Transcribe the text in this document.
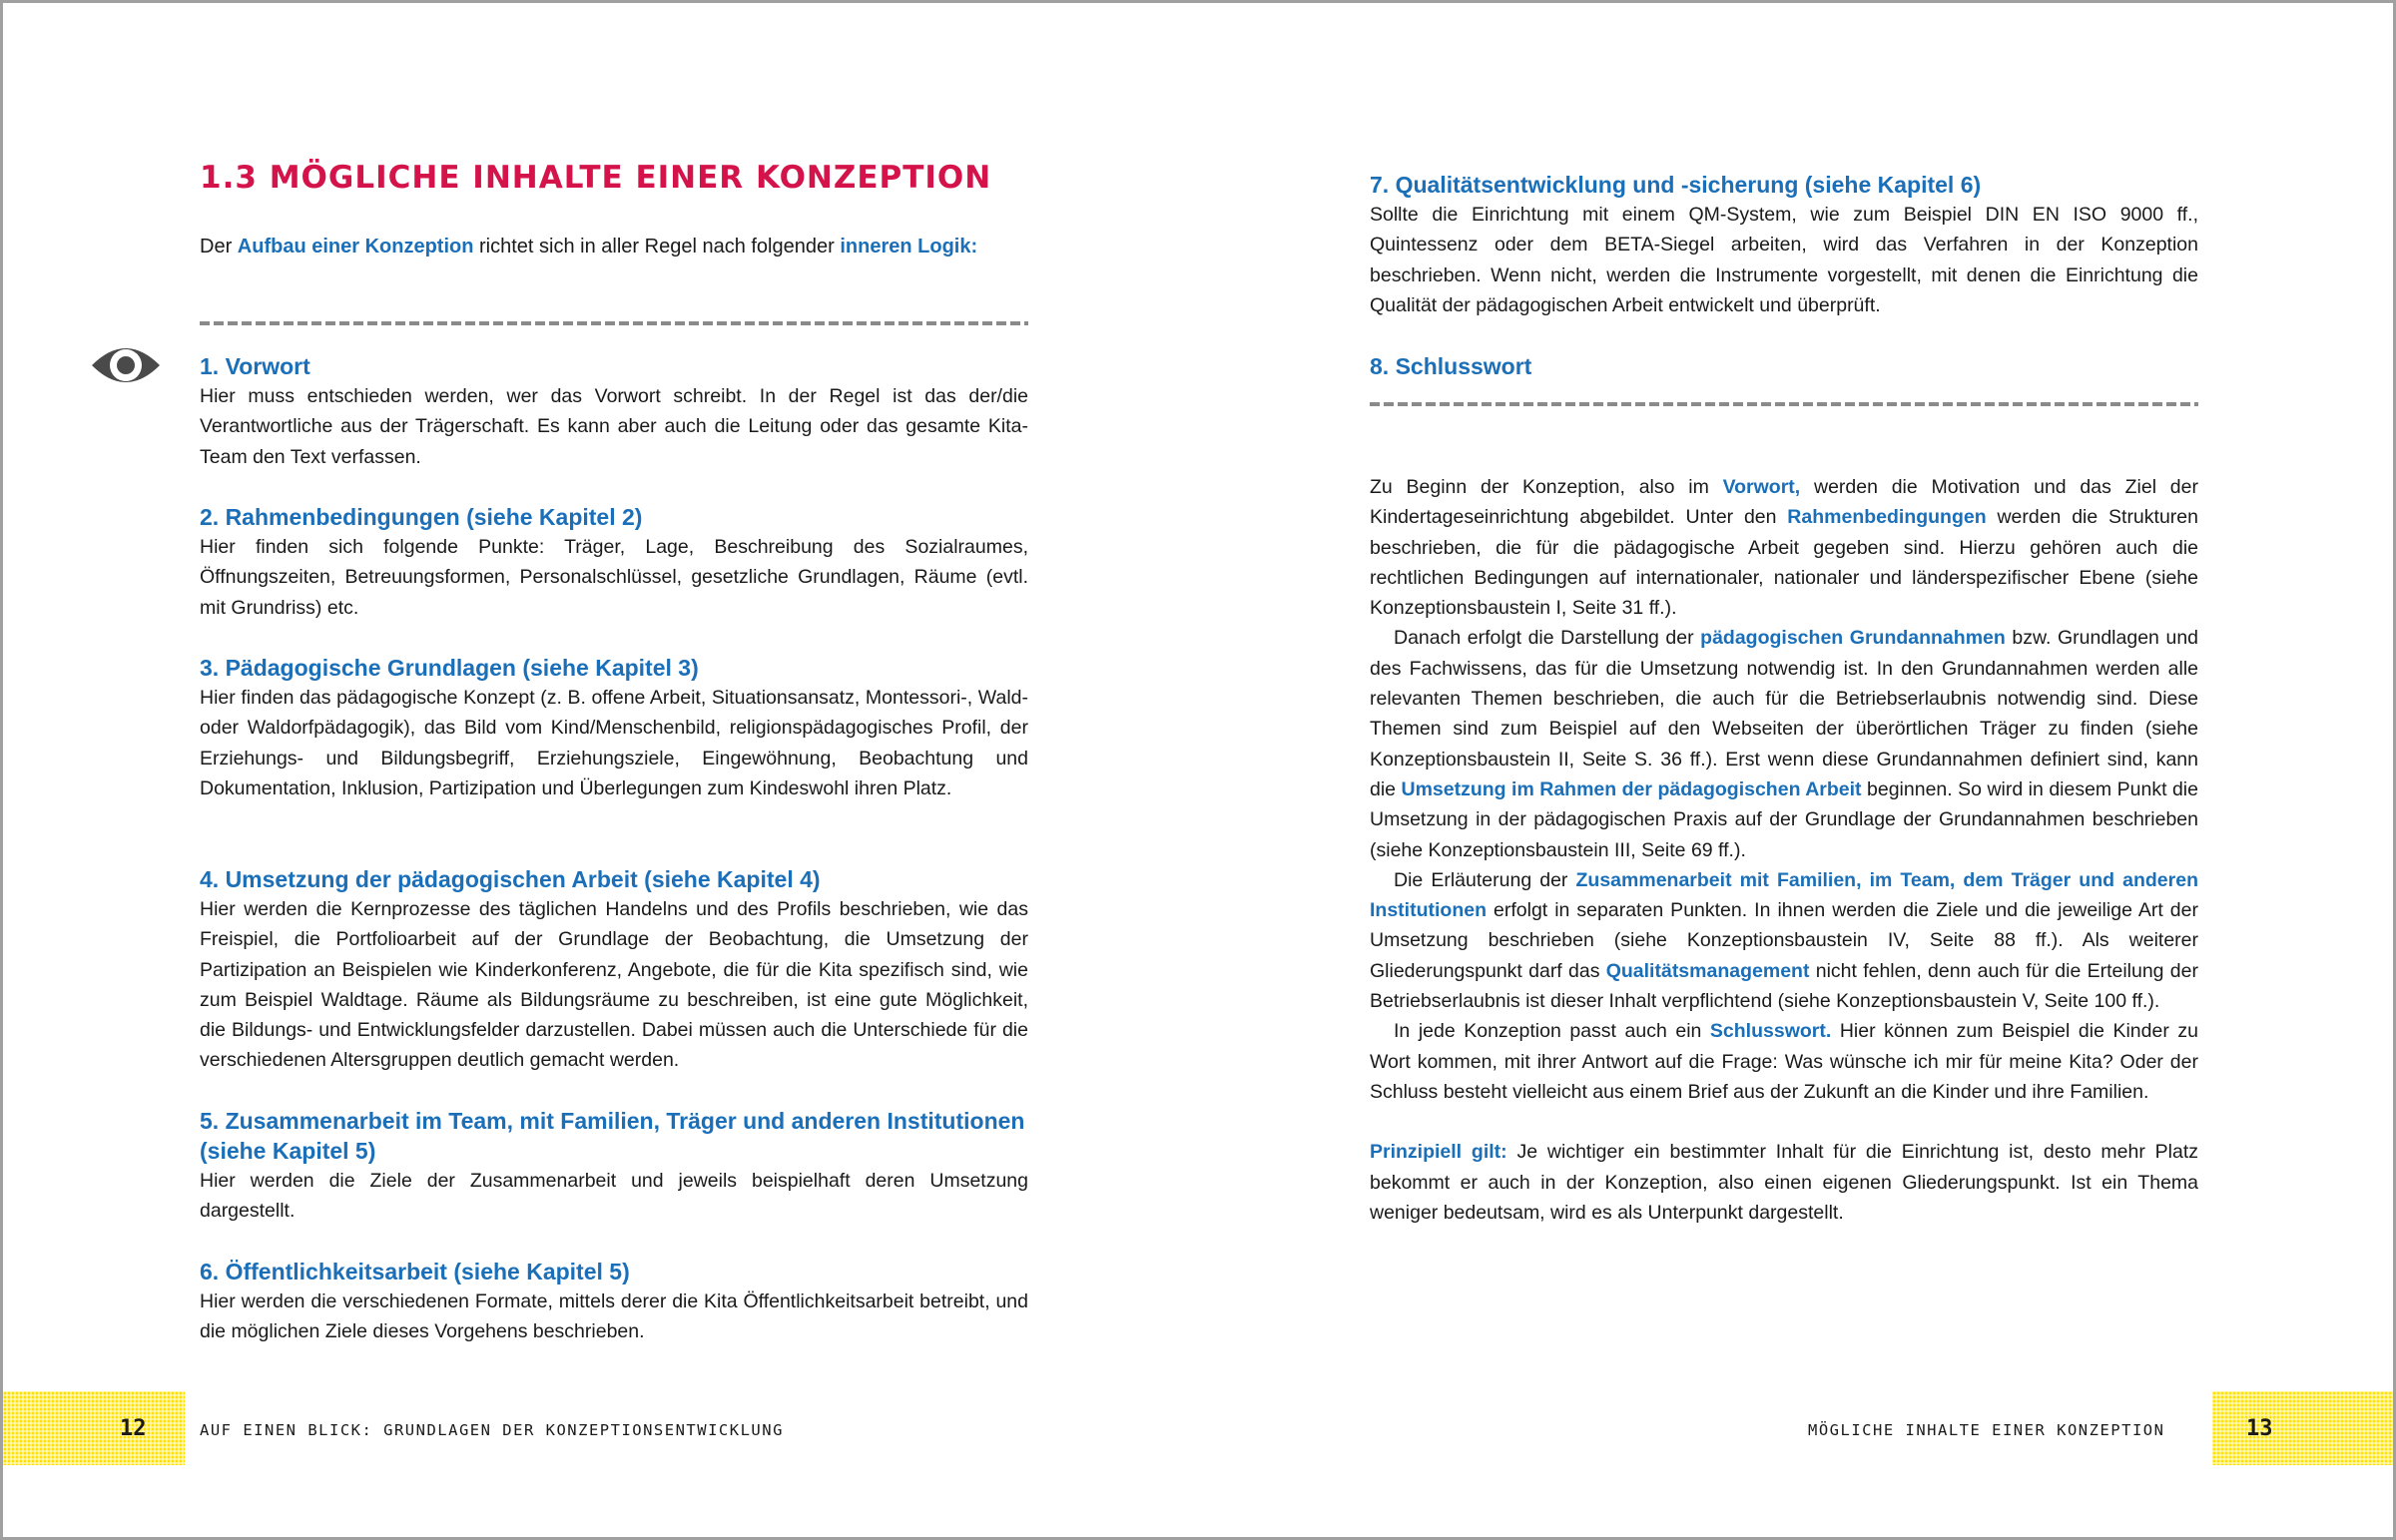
1.3 MÖGLICHE INHALTE EINER KONZEPTION

Der Aufbau einer Konzeption richtet sich in aller Regel nach folgender inneren Logik:

1. Vorwort

Hier muss entschieden werden, wer das Vorwort schreibt. In der Regel ist das der/die Verantwortliche aus der Trägerschaft. Es kann aber auch die Leitung oder das gesamte Kita-Team den Text verfassen.

2. Rahmenbedingungen (siehe Kapitel 2)

Hier finden sich folgende Punkte: Träger, Lage, Beschreibung des Sozialraumes, Öffnungszeiten, Betreuungsformen, Personalschlüssel, gesetzliche Grundlagen, Räume (evtl. mit Grundriss) etc.

3. Pädagogische Grundlagen (siehe Kapitel 3)

Hier finden das pädagogische Konzept (z. B. offene Arbeit, Situationsansatz, Montessori-, Wald- oder Waldorfpädagogik), das Bild vom Kind/Menschenbild, religionspädagogisches Profil, der Erziehungs- und Bildungsbegriff, Erziehungsziele, Eingewöhnung, Beobachtung und Dokumentation, Inklusion, Partizipation und Überlegungen zum Kindeswohl ihren Platz.

4. Umsetzung der pädagogischen Arbeit (siehe Kapitel 4)

Hier werden die Kernprozesse des täglichen Handelns und des Profils beschrieben, wie das Freispiel, die Portfolioarbeit auf der Grundlage der Beobachtung, die Umsetzung der Partizipation an Beispielen wie Kinderkonferenz, Angebote, die für die Kita spezifisch sind, wie zum Beispiel Waldtage. Räume als Bildungsräume zu beschreiben, ist eine gute Möglichkeit, die Bildungs- und Entwicklungsfelder darzustellen. Dabei müssen auch die Unterschiede für die verschiedenen Altersgruppen deutlich gemacht werden.

5. Zusammenarbeit im Team, mit Familien, Träger und anderen Institutionen (siehe Kapitel 5)

Hier werden die Ziele der Zusammenarbeit und jeweils beispielhaft deren Umsetzung dargestellt.

6. Öffentlichkeitsarbeit (siehe Kapitel 5)

Hier werden die verschiedenen Formate, mittels derer die Kita Öffentlichkeitsarbeit betreibt, und die möglichen Ziele dieses Vorgehens beschrieben.

12	AUF EINEN BLICK: GRUNDLAGEN DER KONZEPTIONSENTWICKLUNG
7. Qualitätsentwicklung und -sicherung (siehe Kapitel 6)

Sollte die Einrichtung mit einem QM-System, wie zum Beispiel DIN EN ISO 9000 ff., Quintessenz oder dem BETA-Siegel arbeiten, wird das Verfahren in der Konzeption beschrieben. Wenn nicht, werden die Instrumente vorgestellt, mit denen die Einrichtung die Qualität der pädagogischen Arbeit entwickelt und überprüft.

8. Schlusswort

Zu Beginn der Konzeption, also im Vorwort, werden die Motivation und das Ziel der Kindertageseinrichtung abgebildet. Unter den Rahmenbedingungen werden die Strukturen beschrieben, die für die pädagogische Arbeit gegeben sind. Hierzu gehören auch die rechtlichen Bedingungen auf internationaler, nationaler und länderspezifischer Ebene (siehe Konzeptionsbaustein I, Seite 31 ff.).

Danach erfolgt die Darstellung der pädagogischen Grundannahmen bzw. Grundlagen und des Fachwissens, das für die Umsetzung notwendig ist. In den Grundannahmen werden alle relevanten Themen beschrieben, die auch für die Betriebserlaubnis notwendig sind. Diese Themen sind zum Beispiel auf den Webseiten der überörtlichen Träger zu finden (siehe Konzeptionsbaustein II, Seite S. 36 ff.). Erst wenn diese Grundannahmen definiert sind, kann die Umsetzung im Rahmen der pädagogischen Arbeit beginnen. So wird in diesem Punkt die Umsetzung in der pädagogischen Praxis auf der Grundlage der Grundannahmen beschrieben (siehe Konzeptionsbaustein III, Seite 69 ff.).

Die Erläuterung der Zusammenarbeit mit Familien, im Team, dem Träger und anderen Institutionen erfolgt in separaten Punkten. In ihnen werden die Ziele und die jeweilige Art der Umsetzung beschrieben (siehe Konzeptionsbaustein IV, Seite 88 ff.). Als weiterer Gliederungspunkt darf das Qualitätsmanagement nicht fehlen, denn auch für die Erteilung der Betriebserlaubnis ist dieser Inhalt verpflichtend (siehe Konzeptionsbaustein V, Seite 100 ff.).

In jede Konzeption passt auch ein Schlusswort. Hier können zum Beispiel die Kinder zu Wort kommen, mit ihrer Antwort auf die Frage: Was wünsche ich mir für meine Kita? Oder der Schluss besteht vielleicht aus einem Brief aus der Zukunft an die Kinder und ihre Familien.

Prinzipiell gilt: Je wichtiger ein bestimmter Inhalt für die Einrichtung ist, desto mehr Platz bekommt er auch in der Konzeption, also einen eigenen Gliederungspunkt. Ist ein Thema weniger bedeutsam, wird es als Unterpunkt dargestellt.

MÖGLICHE INHALTE EINER KONZEPTION	13
